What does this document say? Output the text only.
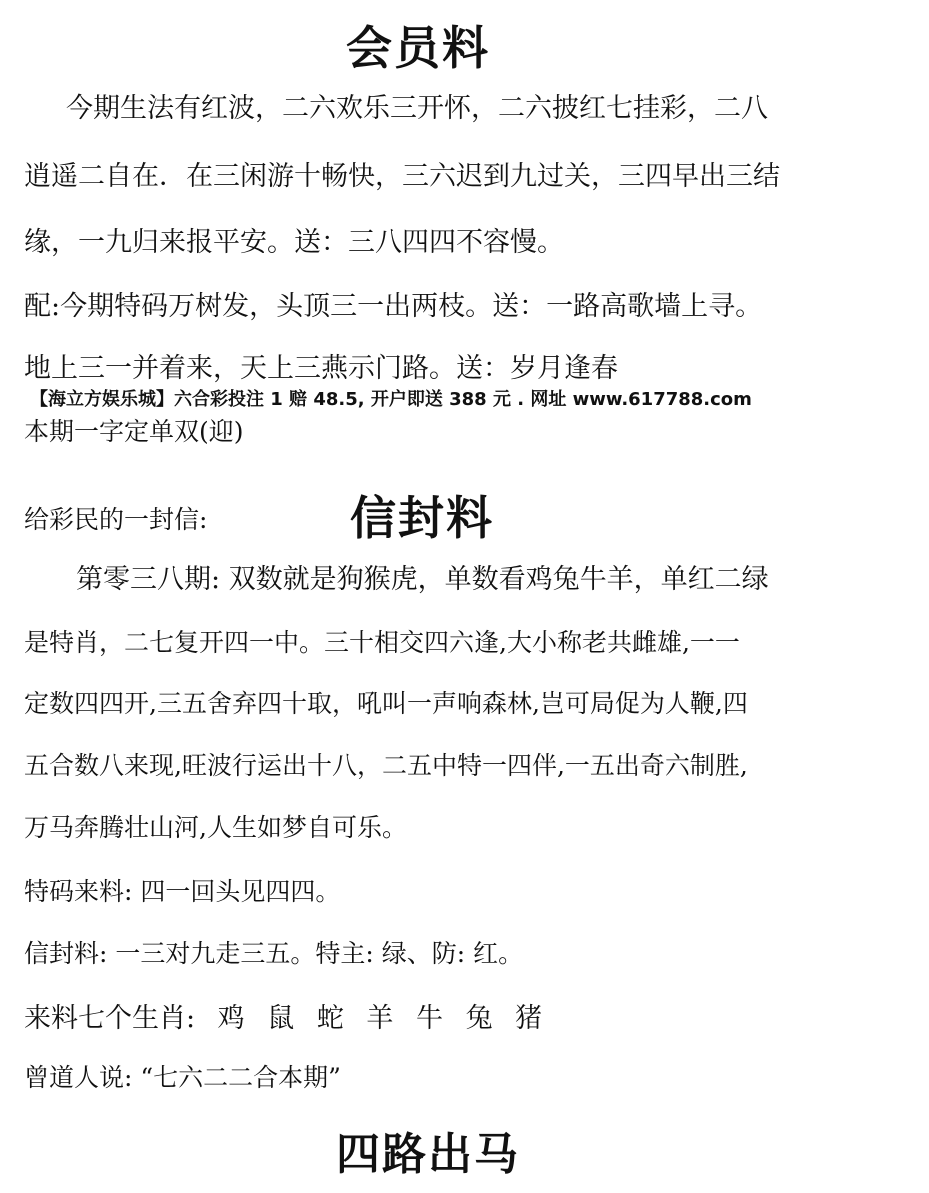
会员料
今期生法有红波，二六欢乐三开怀，二六披红七挂彩，二八
逍遥二自在．在三闲游十畅快，三六迟到九过关，三四早出三结
缘，一九归来报平安。送：三八四四不容慢。
配:今期特码万树发，头顶三一出两枝。送：一路高歌墙上寻。
地上三一并着来，天上三燕示门路。送：岁月逢春
【海立方娱乐城】六合彩投注 1 赔 48.5, 开户即送 388 元 . 网址 www.617788.com
本期一字定单双(迎)
给彩民的一封信:	信封料
第零三八期: 双数就是狗猴虎，单数看鸡兔牛羊，单红二绿
是特肖，二七复开四一中。三十相交四六逢,大小称老共雌雄,一一
定数四四开,三五舍弃四十取，吼叫一声响森林,岂可局促为人鞭,四
五合数八来现,旺波行运出十八，二五中特一四伴,一五出奇六制胜,
万马奔腾壮山河,人生如梦自可乐。
特码来料: 四一回头见四四。
信封料: 一三对九走三五。特主: 绿、防: 红。
来料七个生肖: 鸡 鼠 蛇 羊 牛 兔 猪
曾道人说: “七六二二合本期”
四路出马
